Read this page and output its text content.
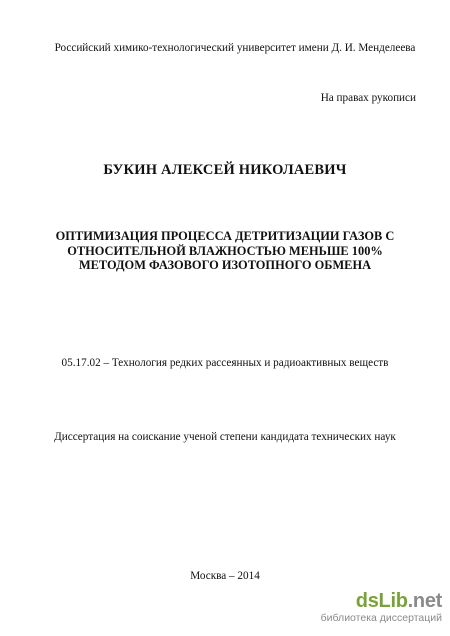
Российский химико-технологический университет имени Д. И. Менделеева
На правах рукописи
БУКИН АЛЕКСЕЙ НИКОЛАЕВИЧ
ОПТИМИЗАЦИЯ ПРОЦЕССА ДЕТРИТИЗАЦИИ ГАЗОВ С
ОТНОСИТЕЛЬНОЙ ВЛАЖНОСТЬЮ МЕНЬШЕ 100%
МЕТОДОМ ФАЗОВОГО ИЗОТОПНОГО ОБМЕНА
05.17.02 – Технология редких рассеянных и радиоактивных веществ
Диссертация на соискание ученой степени кандидата технических наук
Москва – 2014
dsLib.net
библиотека диссертаций
